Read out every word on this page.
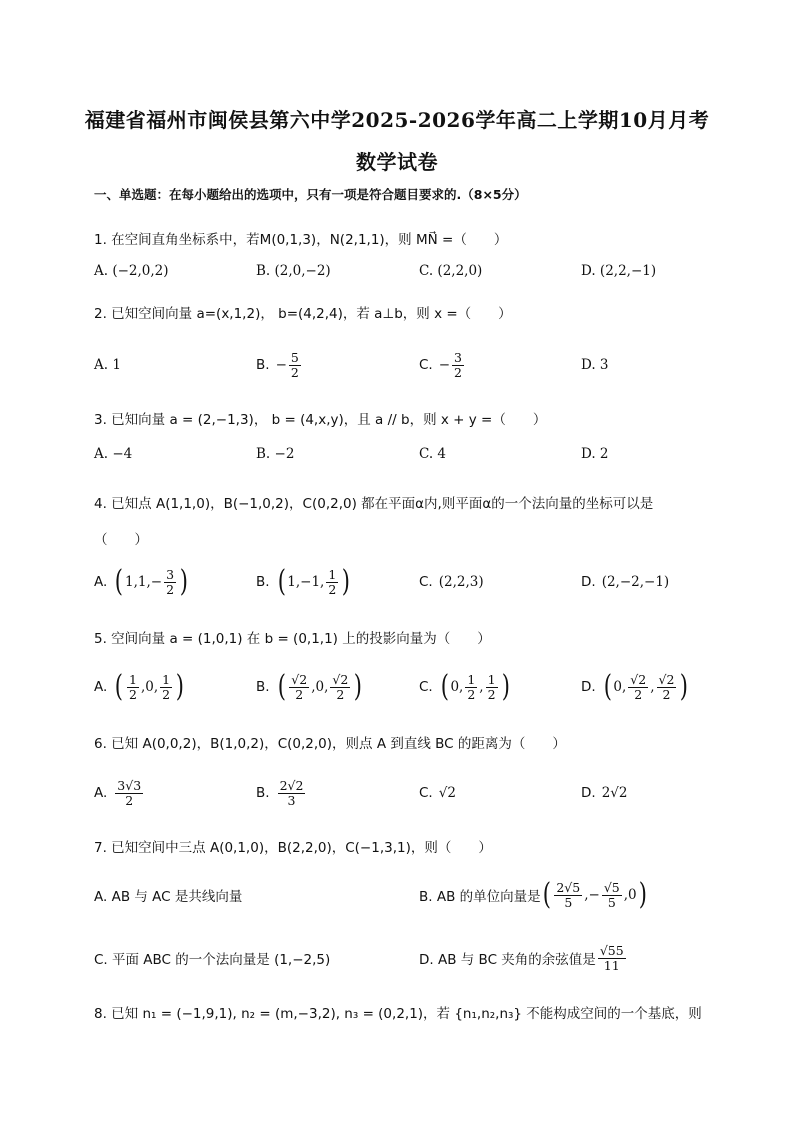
福建省福州市闽侯县第六中学2025-2026学年高二上学期10月月考
数学试卷
一、单选题：在每小题给出的选项中，只有一项是符合题目要求的.（8×5分）
1. 在空间直角坐标系中，若M(0,1,3)，N(2,1,1)，则 MN⃗ =（　　）
A. (−2,0,2)	B. (2,0,−2)	C. (2,2,0)	D. (2,2,−1)
2. 已知空间向量 a=(x,1,2)， b=(4,2,4)，若 a⊥b，则 x =（　　）
A. 1	B. − $\frac{5}{2}$	C. − $\frac{3}{2}$	D. 3
3. 已知向量 a = (2,−1,3)， b = (4,x,y)，且 a // b，则 x + y =（　　）
A. −4	B. −2	C. 4	D. 2
4. 已知点 A(1,1,0)，B(−1,0,2)，C(0,2,0) 都在平面α内,则平面α的一个法向量的坐标可以是
（　　）
A. ( $1,1,- \frac{3}{2}$ )	B. ( 1,−1, $\frac{1}{2}$ )	C. (2,2,3)	D. (2,−2,−1)
5. 空间向量 a = (1,0,1) 在 b = (0,1,1) 上的投影向量为（　　）
A. ( $\frac{1}{2} ,0$, $\frac{1}{2}$ )	B. ( $\frac{√2}{2} ,0$, $\frac{√2}{2}$ )	C. ( 0, $\frac{1}{2}$ , $\frac{1}{2}$ )	D. ( 0, $\frac{√2}{2}$ , $\frac{√2}{2}$ )
6. 已知 A(0,0,2)，B(1,0,2)，C(0,2,0)，则点 A 到直线 BC 的距离为（　　）
A. $\frac{3√3}{2}$	B. $\frac{2√2}{3}$	C. √2	D. 2√2
7. 已知空间中三点 A(0,1,0)，B(2,2,0)，C(−1,3,1)，则（　　）
A. AB 与 AC 是共线向量	B. AB 的单位向量是 ( $\frac{2√5}{5}$ ,− $\frac{√5}{5} ,0$ )
C. 平面 ABC 的一个法向量是 (1,−2,5)	D. AB 与 BC 夹角的余弦值是 $\frac{√55}{11}$
8. 已知 n₁ = (−1,9,1), n₂ = (m,−3,2), n₃ = (0,2,1)，若 {n₁,n₂,n₃} 不能构成空间的一个基底，则
